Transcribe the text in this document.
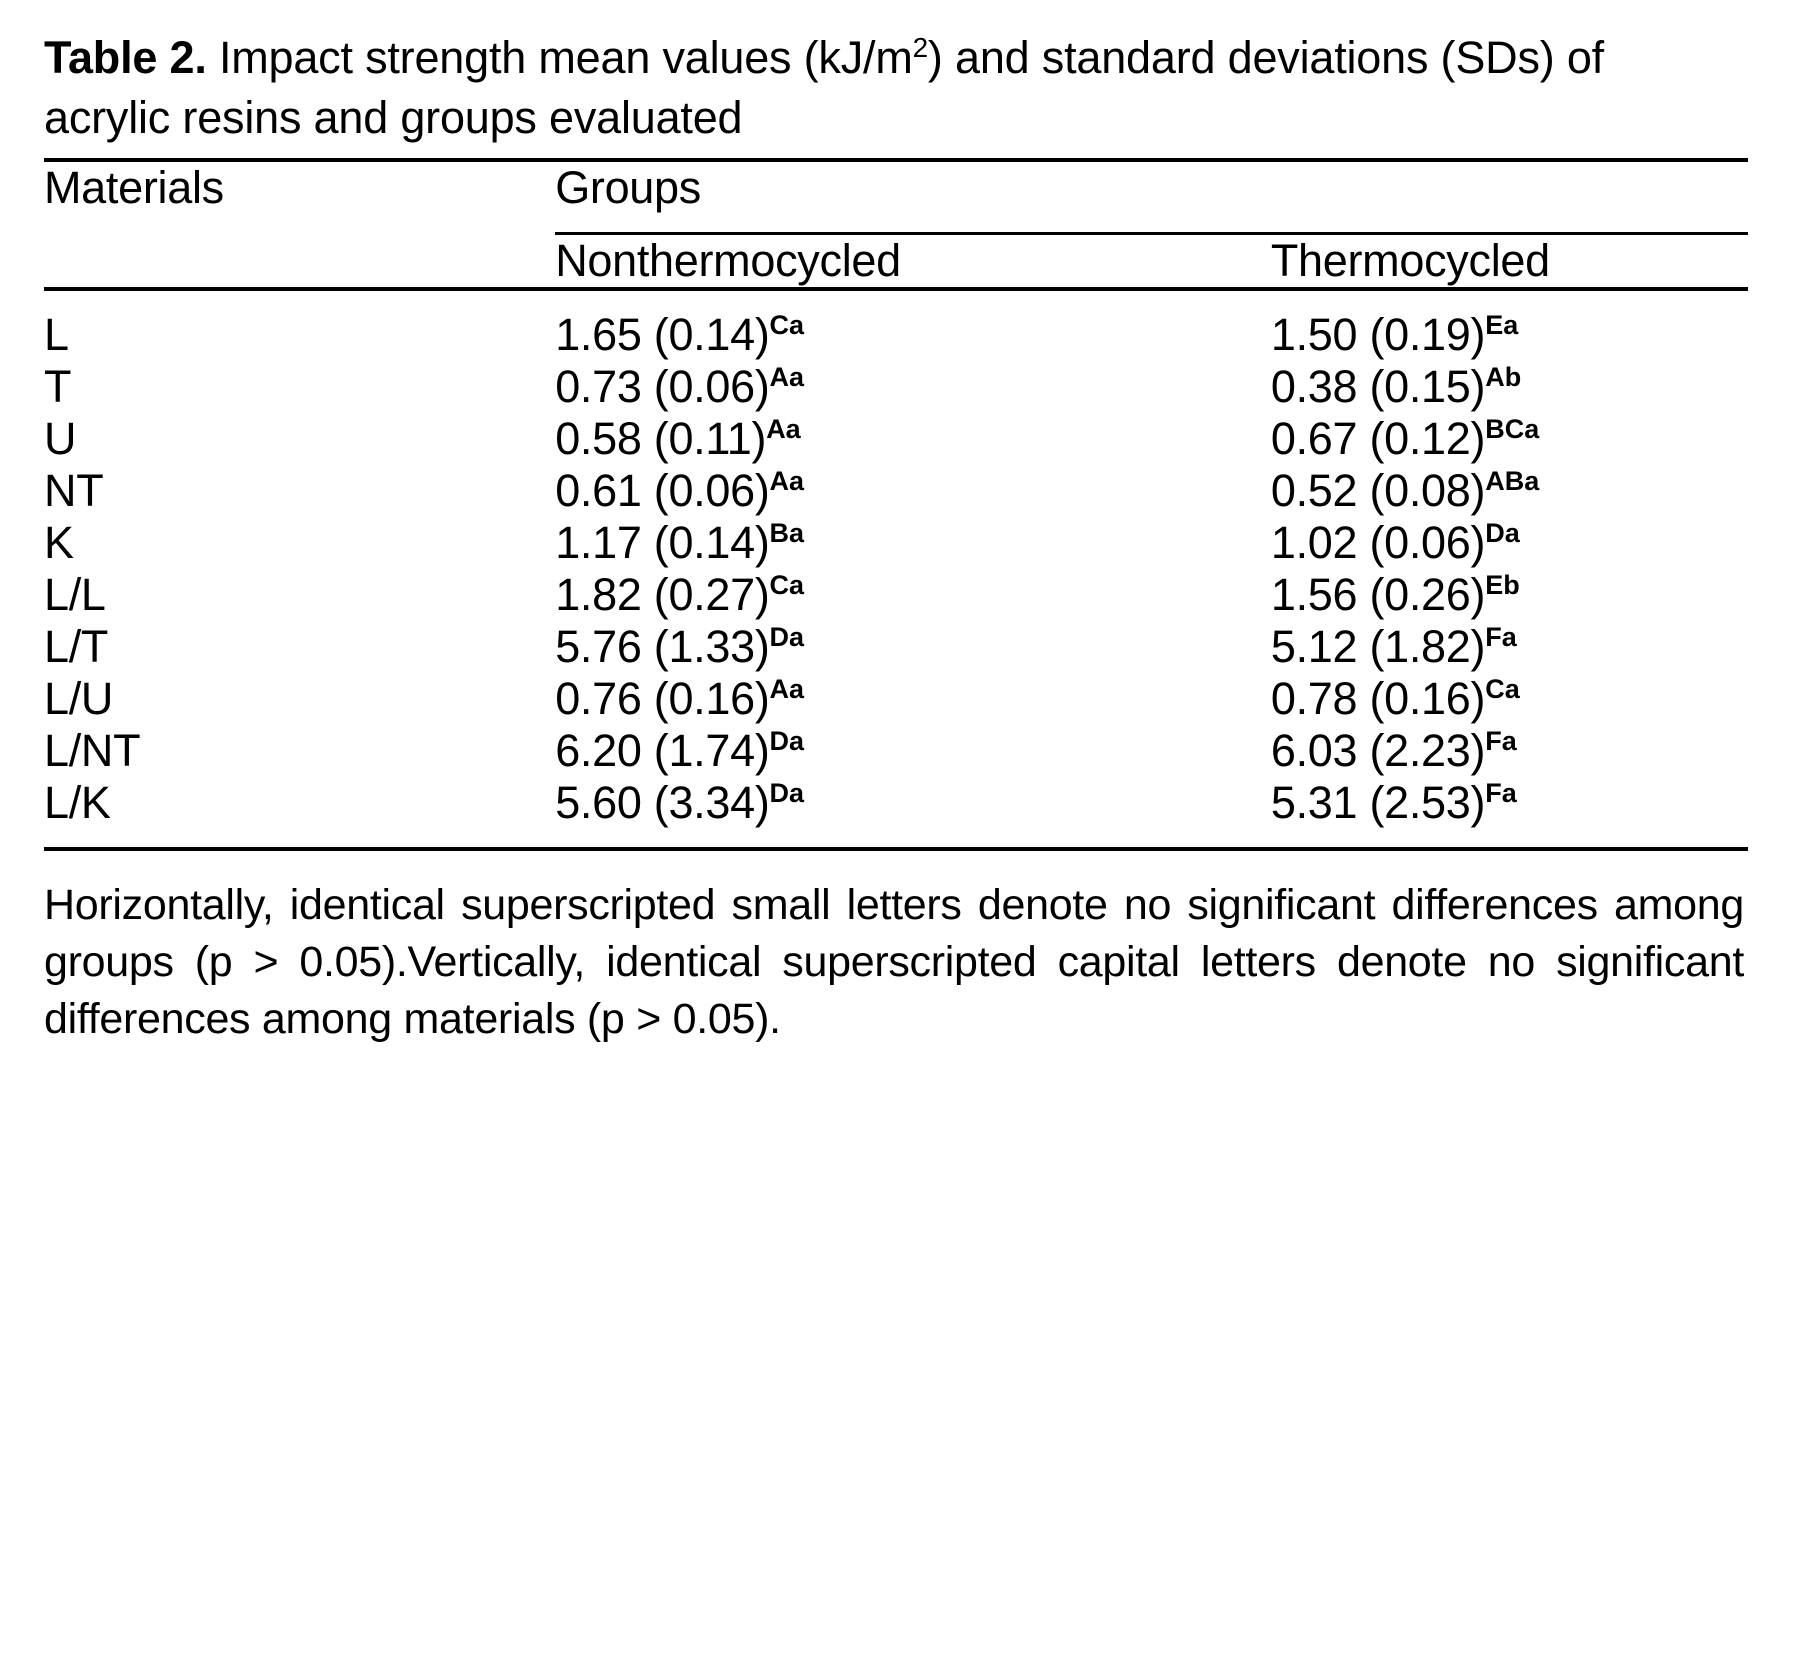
Table 2. Impact strength mean values $(kJ/m^2)$ and standard deviations (SDs) of acrylic resins and groups evaluated
Materials	Groups	

	Nonthermocycled	Thermocycled

L	1.65 $(0.14)^{Ca}$	1.50 $(0.19)^{Ea}$
T	0.73 $(0.06)^{Aa}$	0.38 $(0.15)^{Ab}$
U	0.58 $(0.11)^{Aa}$	0.67 $(0.12)^{BCa}$
NT	0.61 $(0.06)^{Aa}$	0.52 $(0.08)^{ABa}$
K	1.17 $(0.14)^{Ba}$	1.02 $(0.06)^{Da}$
L/L	1.82 $(0.27)^{Ca}$	1.56 $(0.26)^{Eb}$
L/T	5.76 $(1.33)^{Da}$	5.12 $(1.82)^{Fa}$
L/U	0.76 $(0.16)^{Aa}$	0.78 $(0.16)^{Ca}$
L/NT	6.20 $(1.74)^{Da}$	6.03 $(2.23)^{Fa}$
L/K	5.60 $(3.34)^{Da}$	5.31 $(2.53)^{Fa}$

Horizontally, identical superscripted small letters denote no significant differences among groups (p > 0.05).Vertically, identical superscripted capital letters denote no significant differences among materials (p > 0.05).
